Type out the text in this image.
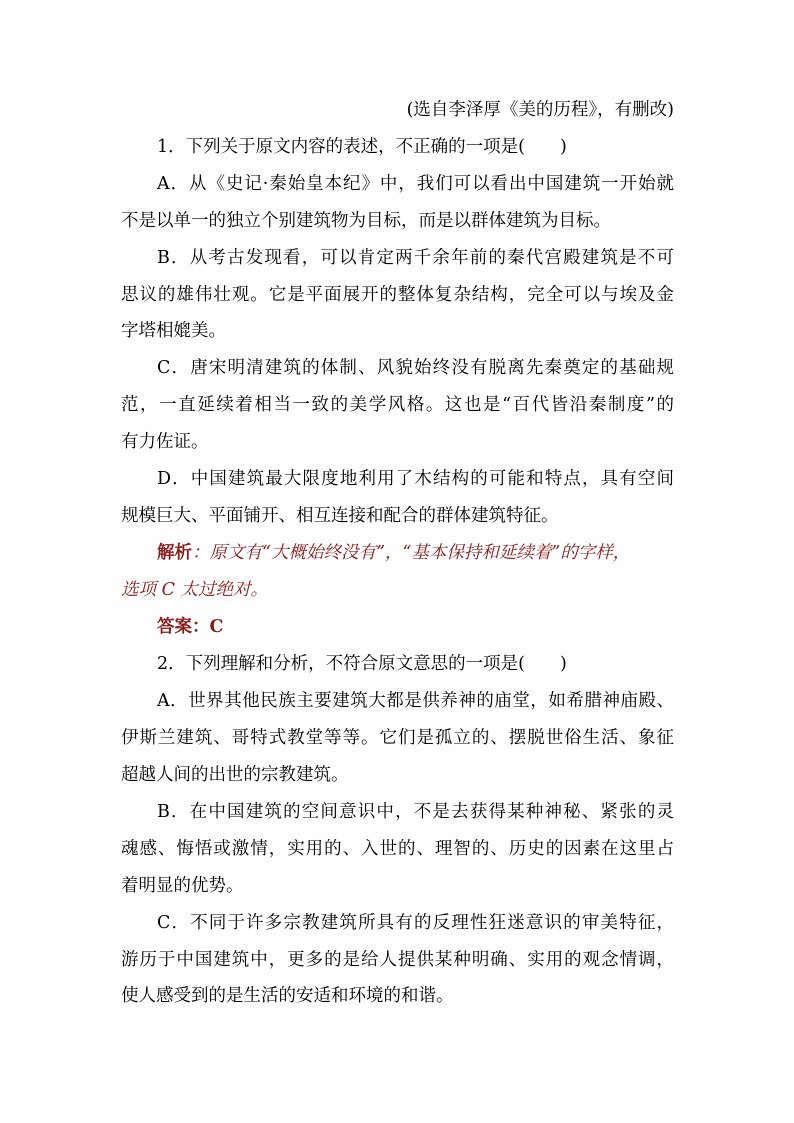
(选自李泽厚《美的历程》，有删改)
1．下列关于原文内容的表述，不正确的一项是(　　)
A．从《史记·秦始皇本纪》中，我们可以看出中国建筑一开始就
不是以单一的独立个别建筑物为目标，而是以群体建筑为目标。
B．从考古发现看，可以肯定两千余年前的秦代宫殿建筑是不可
思议的雄伟壮观。它是平面展开的整体复杂结构，完全可以与埃及金
字塔相媲美。
C．唐宋明清建筑的体制、风貌始终没有脱离先秦奠定的基础规
范，一直延续着相当一致的美学风格。这也是“百代皆沿秦制度”的
有力佐证。
D．中国建筑最大限度地利用了木结构的可能和特点，具有空间
规模巨大、平面铺开、相互连接和配合的群体建筑特征。
解析：原文有“大概始终没有”，“基本保持和延续着”的字样，
选项 C 太过绝对。
答案：C
2．下列理解和分析，不符合原文意思的一项是(　　)
A．世界其他民族主要建筑大都是供养神的庙堂，如希腊神庙殿、
伊斯兰建筑、哥特式教堂等等。它们是孤立的、摆脱世俗生活、象征
超越人间的出世的宗教建筑。
B．在中国建筑的空间意识中，不是去获得某种神秘、紧张的灵
魂感、悔悟或激情，实用的、入世的、理智的、历史的因素在这里占
着明显的优势。
C．不同于许多宗教建筑所具有的反理性狂迷意识的审美特征，
游历于中国建筑中，更多的是给人提供某种明确、实用的观念情调，
使人感受到的是生活的安适和环境的和谐。
